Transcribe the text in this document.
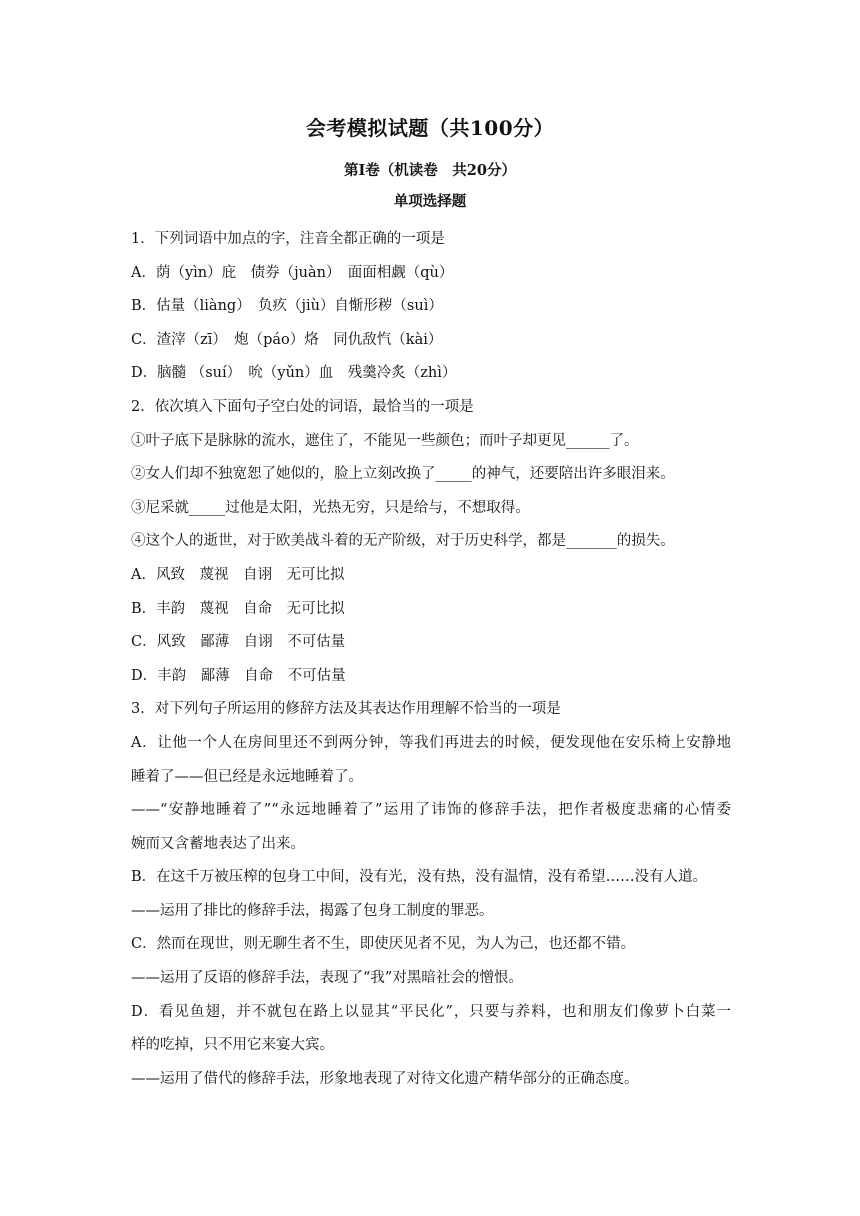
会考模拟试题（共100分）
第Ⅰ卷（机读卷　共20分）
单项选择题
1．下列词语中加点的字，注音全都正确的一项是
A．荫（yìn）庇　债券（juàn）　面面相觑（qù）
B．估量（liàng）　负疚（jiù）自惭形秽（suì）
C．渣滓（zī）　炮（páo）烙　同仇敌忾（kài）
D．脑髓 （suí）　吮（yǔn）血　残羹冷炙（zhì）
2．依次填入下面句子空白处的词语，最恰当的一项是
①叶子底下是脉脉的流水，遮住了，不能见一些颜色；而叶子却更见______了。
②女人们却不独宽恕了她似的，脸上立刻改换了_____的神气，还要陪出许多眼泪来。
③尼采就_____过他是太阳，光热无穷，只是给与，不想取得。
④这个人的逝世，对于欧美战斗着的无产阶级，对于历史科学，都是_______的损失。
A．风致　蔑视　自诩　无可比拟
B．丰韵　蔑视　自命　无可比拟
C．风致　鄙薄　自诩　不可估量
D．丰韵　鄙薄　自命　不可估量
3．对下列句子所运用的修辞方法及其表达作用理解不恰当的一项是
A．让他一个人在房间里还不到两分钟，等我们再进去的时候，便发现他在安乐椅上安静地
睡着了——但已经是永远地睡着了。
——“安静地睡着了”“永远地睡着了”运用了讳饰的修辞手法，把作者极度悲痛的心情委
婉而又含蓄地表达了出来。
B．在这千万被压榨的包身工中间，没有光，没有热，没有温情，没有希望……没有人道。
——运用了排比的修辞手法，揭露了包身工制度的罪恶。
C．然而在现世，则无聊生者不生，即使厌见者不见，为人为己，也还都不错。
——运用了反语的修辞手法，表现了“我”对黑暗社会的憎恨。
D．看见鱼翅，并不就包在路上以显其“平民化”，只要与养料，也和朋友们像萝卜白菜一
样的吃掉，只不用它来宴大宾。
——运用了借代的修辞手法，形象地表现了对待文化遗产精华部分的正确态度。
